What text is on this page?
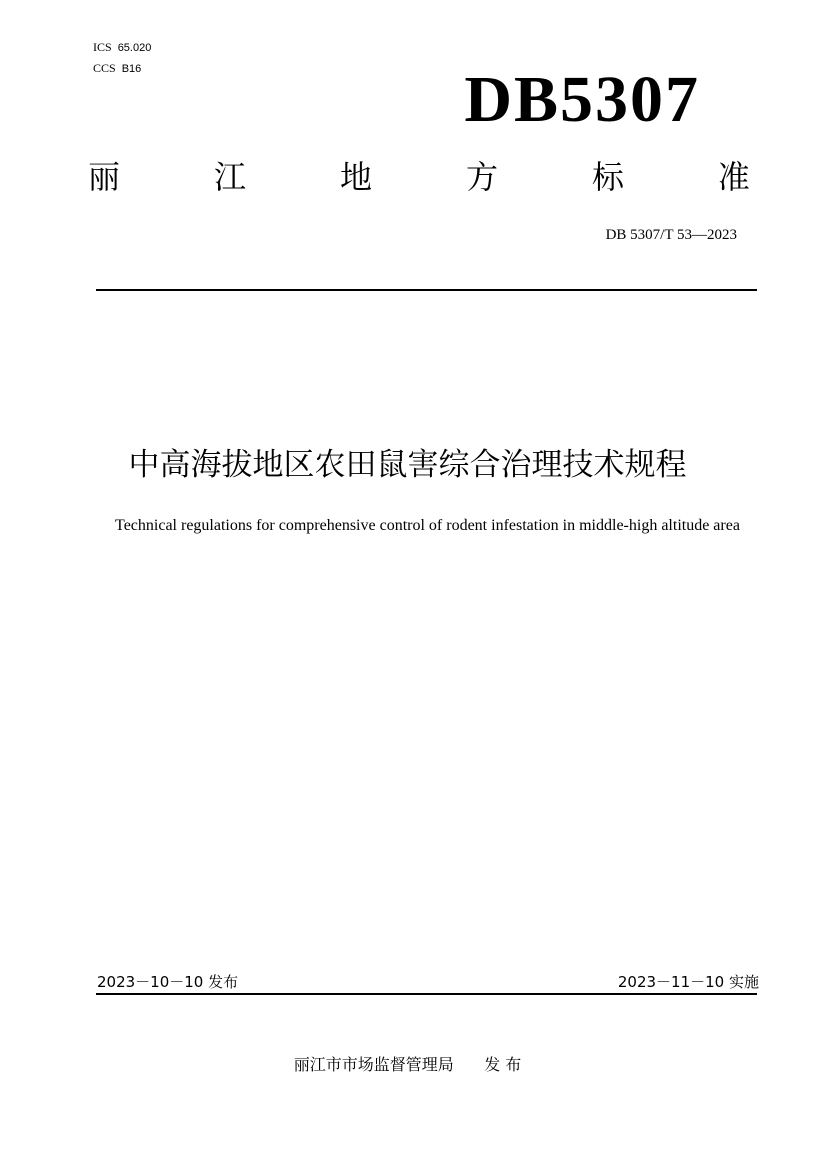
ICS 65.020
CCS B16	DB5307
丽	江	地	方	标	准
DB 5307/T 53—2023
中高海拔地区农田鼠害综合治理技术规程
Technical regulations for comprehensive control of rodent infestation in middle-high altitude area
2023－10－10 发布	2023－11－10 实施
丽江市市场监督管理局 发 布
